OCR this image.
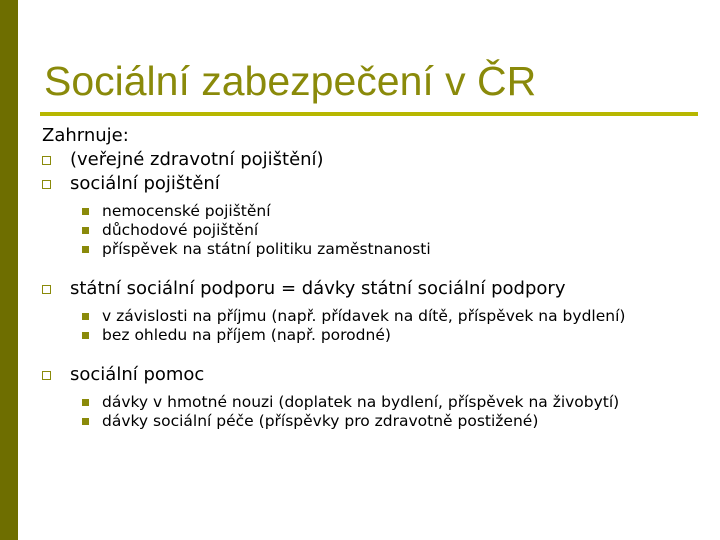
Sociální zabezpečení v ČR

Zahrnuje:

(veřejné zdravotní pojištění)
sociální pojištění
nemocenské pojištění
důchodové pojištění
příspěvek na státní politiku zaměstnanosti
státní sociální podporu = dávky státní sociální podpory
v závislosti na příjmu (např. přídavek na dítě, příspěvek na bydlení)
bez ohledu na příjem (např. porodné)
sociální pomoc
dávky v hmotné nouzi (doplatek na bydlení, příspěvek na živobytí)
dávky sociální péče (příspěvky pro zdravotně postižené)
